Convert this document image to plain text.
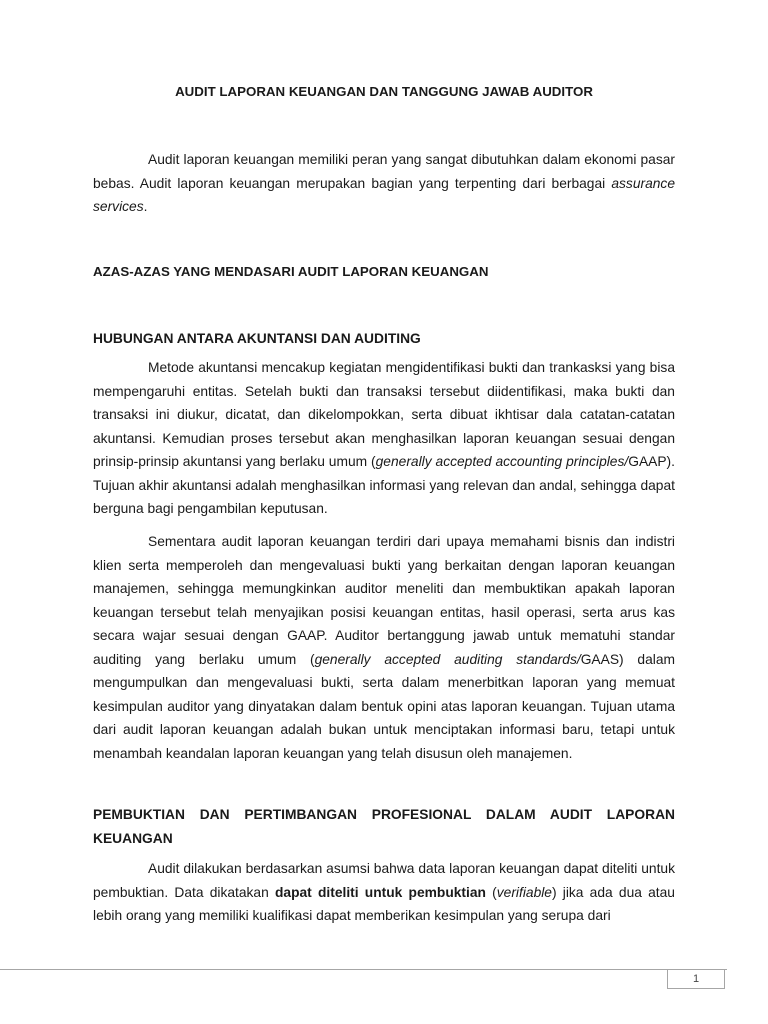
AUDIT LAPORAN KEUANGAN DAN TANGGUNG JAWAB AUDITOR

Audit laporan keuangan memiliki peran yang sangat dibutuhkan dalam ekonomi pasar bebas. Audit laporan keuangan merupakan bagian yang terpenting dari berbagai assurance services.

AZAS-AZAS YANG MENDASARI AUDIT LAPORAN KEUANGAN
HUBUNGAN ANTARA AKUNTANSI DAN AUDITING

Metode akuntansi mencakup kegiatan mengidentifikasi bukti dan trankasksi yang bisa mempengaruhi entitas. Setelah bukti dan transaksi tersebut diidentifikasi, maka bukti dan transaksi ini diukur, dicatat, dan dikelompokkan, serta dibuat ikhtisar dala catatan-catatan akuntansi. Kemudian proses tersebut akan menghasilkan laporan keuangan sesuai dengan prinsip-prinsip akuntansi yang berlaku umum (generally accepted accounting principles/GAAP). Tujuan akhir akuntansi adalah menghasilkan informasi yang relevan dan andal, sehingga dapat berguna bagi pengambilan keputusan.

Sementara audit laporan keuangan terdiri dari upaya memahami bisnis dan indistri klien serta memperoleh dan mengevaluasi bukti yang berkaitan dengan laporan keuangan manajemen, sehingga memungkinkan auditor meneliti dan membuktikan apakah laporan keuangan tersebut telah menyajikan posisi keuangan entitas, hasil operasi, serta arus kas secara wajar sesuai dengan GAAP. Auditor bertanggung jawab untuk mematuhi standar auditing yang berlaku umum (generally accepted auditing standards/GAAS) dalam mengumpulkan dan mengevaluasi bukti, serta dalam menerbitkan laporan yang memuat kesimpulan auditor yang dinyatakan dalam bentuk opini atas laporan keuangan. Tujuan utama dari audit laporan keuangan adalah bukan untuk menciptakan informasi baru, tetapi untuk menambah keandalan laporan keuangan yang telah disusun oleh manajemen.

PEMBUKTIAN DAN PERTIMBANGAN PROFESIONAL DALAM AUDIT LAPORAN KEUANGAN

Audit dilakukan berdasarkan asumsi bahwa data laporan keuangan dapat diteliti untuk pembuktian. Data dikatakan dapat diteliti untuk pembuktian (verifiable) jika ada dua atau lebih orang yang memiliki kualifikasi dapat memberikan kesimpulan yang serupa dari

1
